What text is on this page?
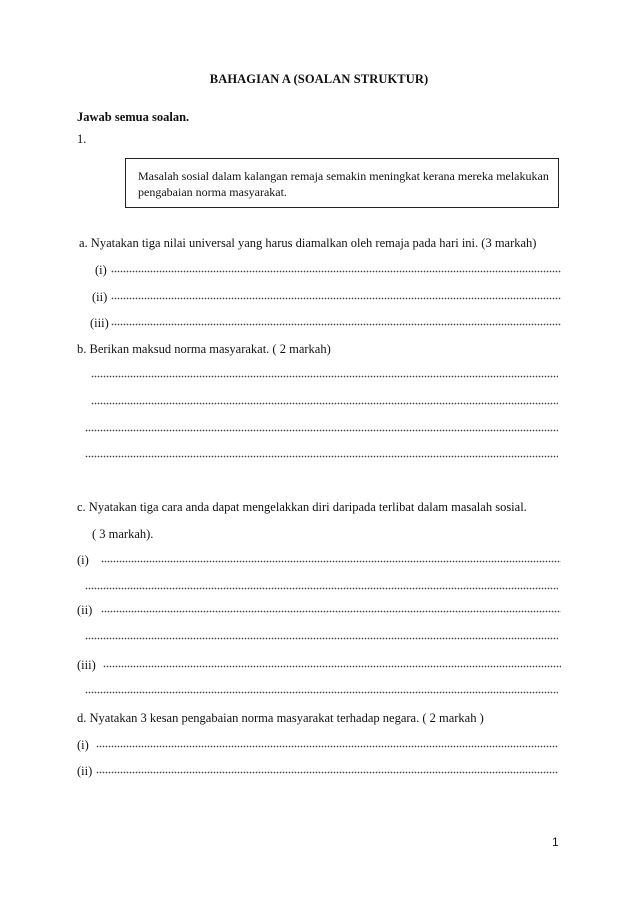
BAHAGIAN A (SOALAN STRUKTUR)
Jawab semua soalan.
1.
Masalah sosial dalam kalangan remaja semakin meningkat kerana mereka melakukan
pengabaian norma masyarakat.
a. Nyatakan tiga nilai universal yang harus diamalkan oleh remaja pada hari ini. (3 markah)
(i)
(ii)
(iii)
b. Berikan maksud norma masyarakat. ( 2 markah)
c. Nyatakan tiga cara anda dapat mengelakkan diri daripada terlibat dalam masalah sosial.
( 3 markah).
(i)
(ii)
(iii)
d. Nyatakan 3 kesan pengabaian norma masyarakat terhadap negara. ( 2 markah )
(i)
(ii)
1
